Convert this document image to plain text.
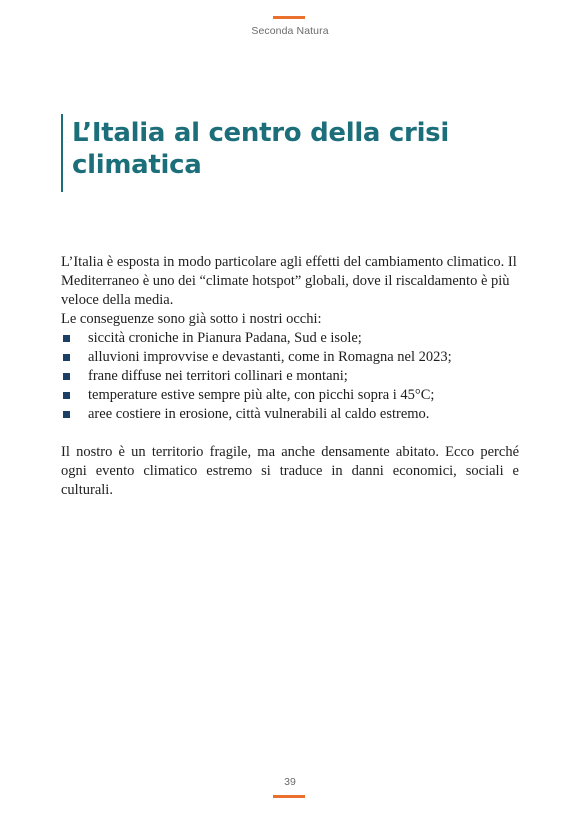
Seconda Natura
L’Italia al centro della crisi climatica

L’Italia è esposta in modo particolare agli effetti del cambiamento climatico. Il Mediterraneo è uno dei “climate hotspot” globali, dove il riscaldamento è più veloce della media.

Le conseguenze sono già sotto i nostri occhi:

siccità croniche in Pianura Padana, Sud e isole;
alluvioni improvvise e devastanti, come in Romagna nel 2023;
frane diffuse nei territori collinari e montani;
temperature estive sempre più alte, con picchi sopra i 45°C;
aree costiere in erosione, città vulnerabili al caldo estremo.

Il nostro è un territorio fragile, ma anche densamente abitato. Ecco perché ogni evento climatico estremo si traduce in danni economici, sociali e culturali.

39
